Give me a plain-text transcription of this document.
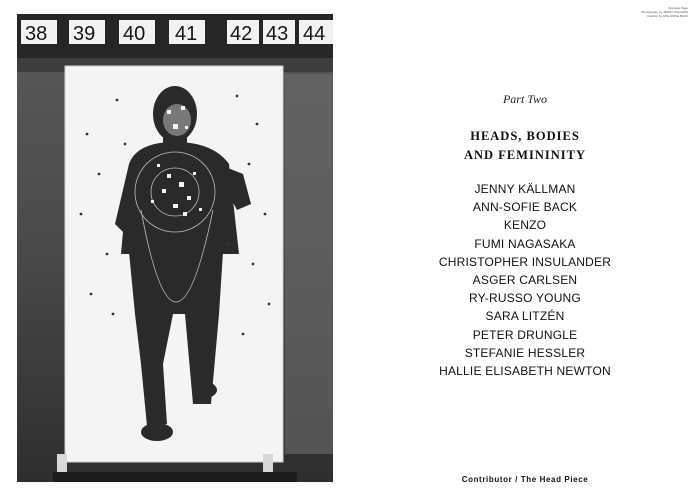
38 39 40 41 42 43 44
Opposite Page
Photography by JENNY KÄLLMAN
Fashion by ANN-SOFIE BACK
Part Two
HEADS, BODIES
AND FEMININITY
JENNY KÄLLMAN
ANN-SOFIE BACK
KENZO
FUMI NAGASAKA
CHRISTOPHER INSULANDER
ASGER CARLSEN
RY-RUSSO YOUNG
SARA LITZÉN
PETER DRUNGLE
STEFANIE HESSLER
HALLIE ELISABETH NEWTON
Contributor / The Head Piece
